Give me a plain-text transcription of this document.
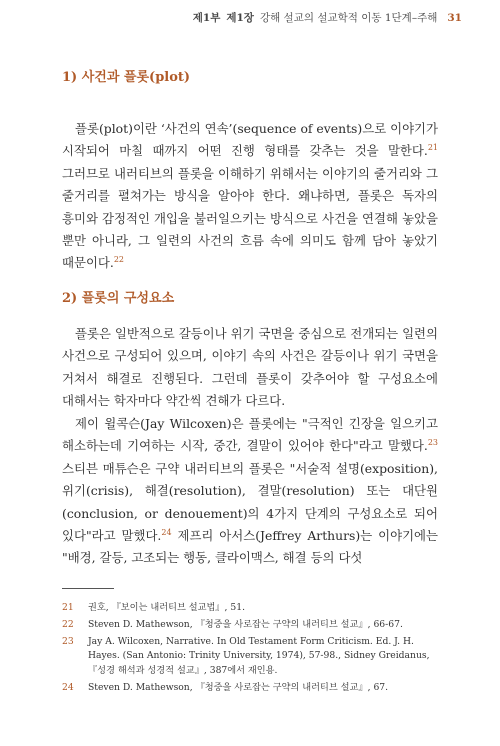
제1부 제1장 강해 설교의 설교학적 이동 1단계–주해 31
1) 사건과 플롯(plot)

플롯(plot)이란 ‘사건의 연속’(sequence of events)으로 이야기가 시작되어 마칠 때까지 어떤 진행 형태를 갖추는 것을 말한다.$^{21}$ 그러므로 내러티브의 플롯을 이해하기 위해서는 이야기의 줄거리와 그 줄거리를 펼쳐가는 방식을 알아야 한다. 왜냐하면, 플롯은 독자의 흥미와 감정적인 개입을 불러일으키는 방식으로 사건을 연결해 놓았을 뿐만 아니라, 그 일련의 사건의 흐름 속에 의미도 함께 담아 놓았기 때문이다.$^{22}$

2) 플롯의 구성요소

플롯은 일반적으로 갈등이나 위기 국면을 중심으로 전개되는 일련의 사건으로 구성되어 있으며, 이야기 속의 사건은 갈등이나 위기 국면을 거쳐서 해결로 진행된다. 그런데 플롯이 갖추어야 할 구성요소에 대해서는 학자마다 약간씩 견해가 다르다.

제이 윌콕슨(Jay Wilcoxen)은 플롯에는 "극적인 긴장을 일으키고 해소하는데 기여하는 시작, 중간, 결말이 있어야 한다"라고 말했다.$^{23}$ 스티븐 매튜슨은 구약 내러티브의 플롯은 "서술적 설명(exposition), 위기(crisis), 해결(resolution), 결말(resolution) 또는 대단원(conclusion, or denouement)의 4가지 단계의 구성요소로 되어 있다"라고 말했다.$^{24}$ 제프리 아서스(Jeffrey Arthurs)는 이야기에는 "배경, 갈등, 고조되는 행동, 클라이맥스, 해결 등의 다섯

21	권호, 『보이는 내러티브 설교법』, 51.
22	Steven D. Mathewson, 『청중을 사로잡는 구약의 내러티브 설교』, 66-67.
23	Jay A. Wilcoxen, Narrative. In Old Testament Form Criticism. Ed. J. H. Hayes. (San Antonio: Trinity University, 1974), 57-98., Sidney Greidanus, 『성경 해석과 성경적 설교』, 387에서 재인용.
24	Steven D. Mathewson, 『청중을 사로잡는 구약의 내러티브 설교』, 67.
